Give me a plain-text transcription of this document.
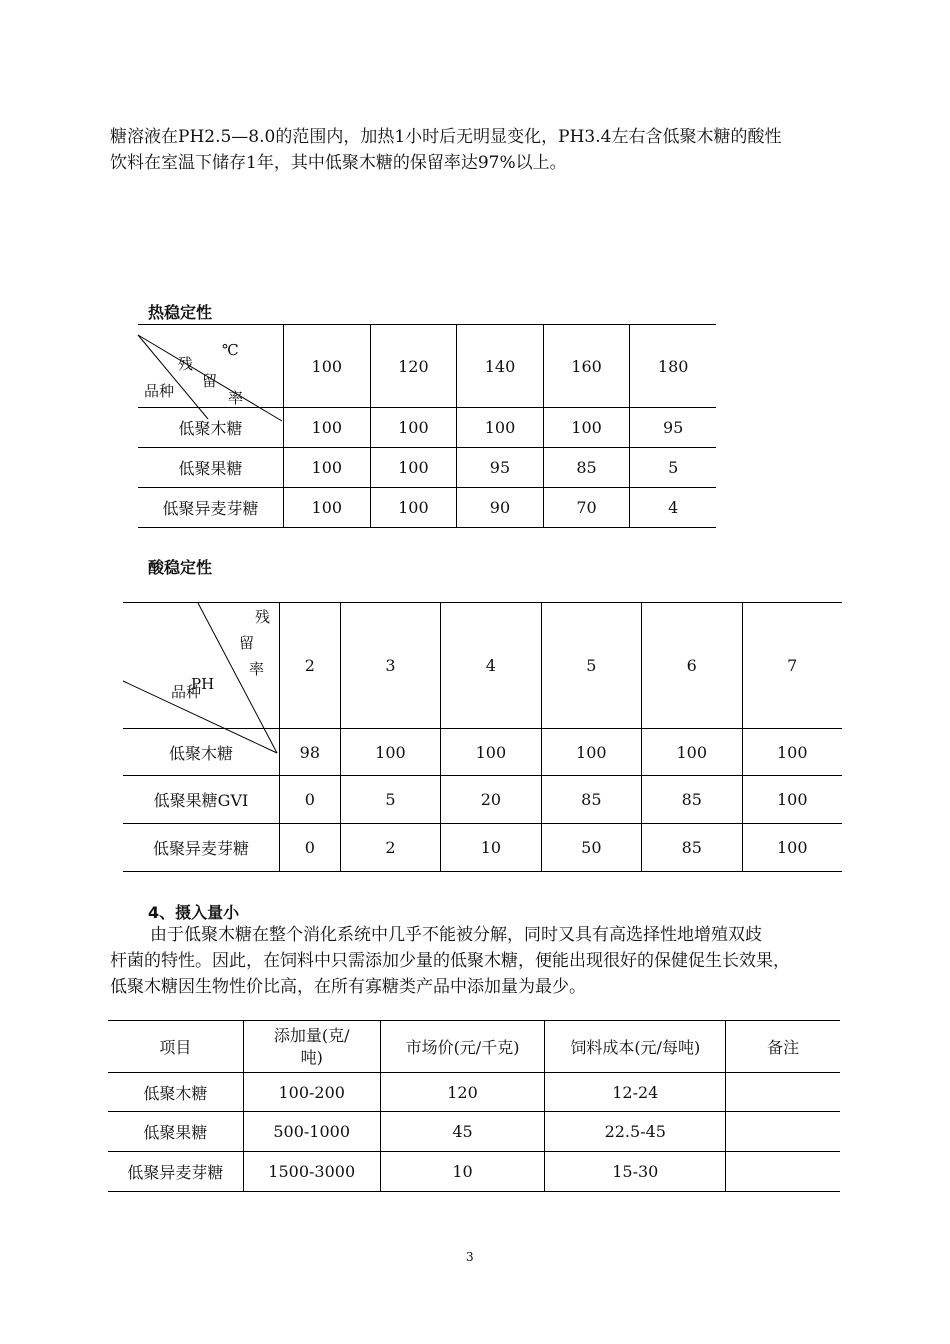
糖溶液在PH2.5—8.0的范围内，加热1小时后无明显变化，PH3.4左右含低聚木糖的酸性
饮料在室温下储存1年，其中低聚木糖的保留率达97%以上。
热稳定性
℃
残
留
率
品种	100	120	140	160	180
低聚木糖	100	100	100	100	95
低聚果糖	100	100	95	85	5
低聚异麦芽糖	100	100	90	70	4
酸稳定性
残
留
率
PH
品种	2	3	4	5	6	7
低聚木糖	98	100	100	100	100	100
低聚果糖GVI	0	5	20	85	85	100
低聚异麦芽糖	0	2	10	50	85	100
4、摄入量小
由于低聚木糖在整个消化系统中几乎不能被分解，同时又具有高选择性地增殖双歧
杆菌的特性。因此，在饲料中只需添加少量的低聚木糖，便能出现很好的保健促生长效果，
低聚木糖因生物性价比高，在所有寡糖类产品中添加量为最少。
项目	添加量(克/
吨)	市场价(元/千克)	饲料成本(元/每吨)	备注
低聚木糖	100-200	120	12-24	
低聚果糖	500-1000	45	22.5-45	
低聚异麦芽糖	1500-3000	10	15-30	
3
